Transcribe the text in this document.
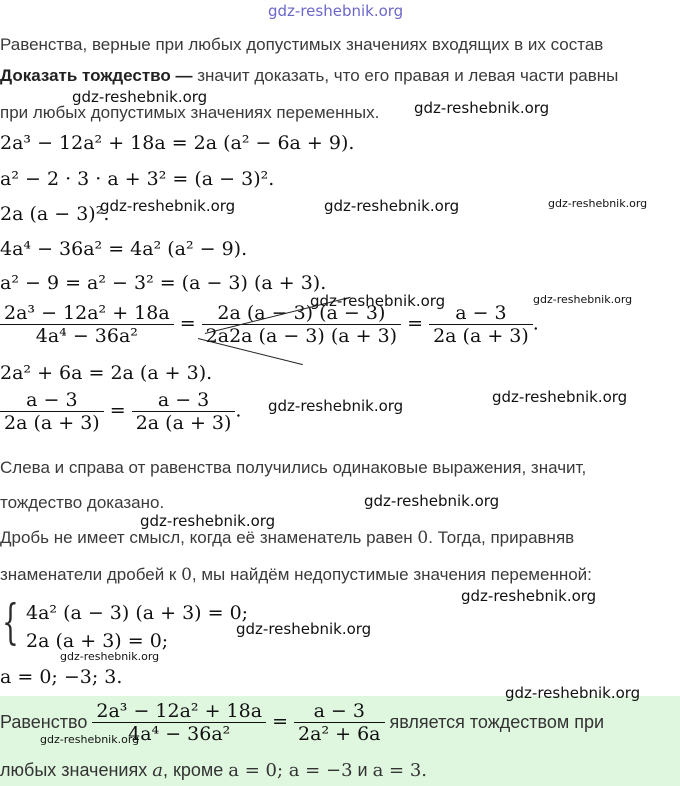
gdz-reshebnik.org
Равенства, верные при любых допустимых значениях входящих в их состав
Доказать тождество — значит доказать, что его правая и левая части равны
при любых допустимых значениях переменных.
2a³ − 12a² + 18a = 2a (a² − 6a + 9).
a² − 2 · 3 · a + 3² = (a − 3)².
2a (a − 3)².
4a⁴ − 36a² = 4a² (a² − 9).
a² − 9 = a² − 3² = (a − 3) (a + 3).
$\frac{\text{2a³ − 12a² + 18a}}{\text{4a⁴ − 36a²}} = \frac{2a (a - 3) (a - 3)}{2a2a (a - 3) (a + 3)} = \frac{a - 3}{2a (a + 3)}$ .
2a² + 6a = 2a (a + 3).
$\frac{a - 3}{2a (a + 3)} = \frac{a - 3}{2a (a + 3)}$ .
Слева и справа от равенства получились одинаковые выражения, значит,
тождество доказано.
Дробь не имеет смысл, когда её знаменатель равен 0. Тогда, приравняв
знаменатели дробей к 0, мы найдём недопустимые значения переменной:
{ 4a² (a − 3) (a + 3) = 0;
2a (a + 3) = 0;
a = 0; −3; 3.
Равенство $\frac{\text{2a³ − 12a² + 18a}}{\text{4a⁴ − 36a²}} = \frac{a - 3}{\text{2a² + 6a}}$ является тождеством при
любых значениях a, кроме a = 0; a = −3 и a = 3.
gdz-reshebnik.org
gdz-reshebnik.org
gdz-reshebnik.org	gdz-reshebnik.org	gdz-reshebnik.org
gdz-reshebnik.org	gdz-reshebnik.org
gdz-reshebnik.org
gdz-reshebnik.org
gdz-reshebnik.org
gdz-reshebnik.org
gdz-reshebnik.org
gdz-reshebnik.org
gdz-reshebnik.org
gdz-reshebnik.org
gdz-reshebnik.org
